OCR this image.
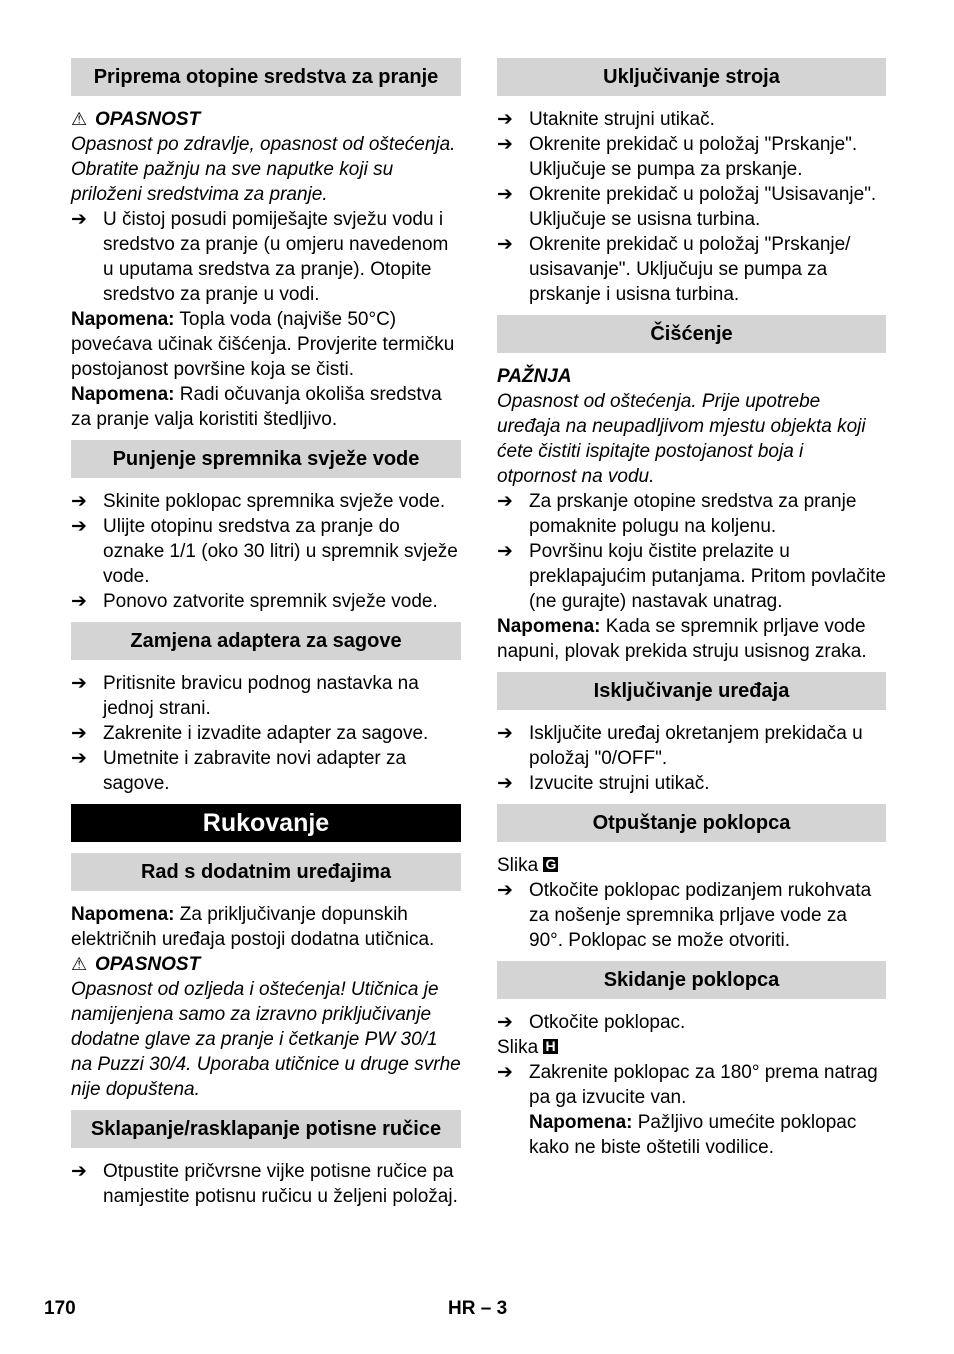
Priprema otopine sredstva za pranje
⚠ OPASNOST
Opasnost po zdravlje, opasnost od oštećenja. Obratite pažnju na sve naputke koji su priloženi sredstvima za pranje.
➔ U čistoj posudi pomiješajte svježu vodu i sredstvo za pranje (u omjeru navedenom u uputama sredstva za pranje). Otopite sredstvo za pranje u vodi.
Napomena: Topla voda (najviše 50°C) povećava učinak čišćenja. Provjerite termičku postojanost površine koja se čisti.
Napomena: Radi očuvanja okoliša sredstva za pranje valja koristiti štedljivo.
Punjenje spremnika svježe vode
➔ Skinite poklopac spremnika svježe vode.
➔ Ulijte otopinu sredstva za pranje do oznake 1/1 (oko 30 litri) u spremnik svježe vode.
➔ Ponovo zatvorite spremnik svježe vode.
Zamjena adaptera za sagove
➔ Pritisnite bravicu podnog nastavka na jednoj strani.
➔ Zakrenite i izvadite adapter za sagove.
➔ Umetnite i zabravite novi adapter za sagove.
Rukovanje
Rad s dodatnim uređajima
Napomena: Za priključivanje dopunskih električnih uređaja postoji dodatna utičnica.
⚠ OPASNOST
Opasnost od ozljeda i oštećenja! Utičnica je namijenjena samo za izravno priključivanje dodatne glave za pranje i četkanje PW 30/1 na Puzzi 30/4. Uporaba utičnice u druge svrhe nije dopuštena.
Sklapanje/rasklapanje potisne ručice
➔ Otpustite pričvrsne vijke potisne ručice pa namjestite potisnu ručicu u željeni položaj.
Uključivanje stroja
➔ Utaknite strujni utikač.
➔ Okrenite prekidač u položaj "Prskanje". Uključuje se pumpa za prskanje.
➔ Okrenite prekidač u položaj "Usisavanje". Uključuje se usisna turbina.
➔ Okrenite prekidač u položaj "Prskanje/ usisavanje". Uključuju se pumpa za prskanje i usisna turbina.
Čišćenje
PAŽNJA
Opasnost od oštećenja. Prije upotrebe uređaja na neupadljivom mjestu objekta koji ćete čistiti ispitajte postojanost boja i otpornost na vodu.
➔ Za prskanje otopine sredstva za pranje pomaknite polugu na koljenu.
➔ Površinu koju čistite prelazite u preklapajućim putanjama. Pritom povlačite (ne gurajte) nastavak unatrag.
Napomena: Kada se spremnik prljave vode napuni, plovak prekida struju usisnog zraka.
Isključivanje uređaja
➔ Isključite uređaj okretanjem prekidača u položaj "0/OFF".
➔ Izvucite strujni utikač.
Otpuštanje poklopca
Slika G
➔ Otkočite poklopac podizanjem rukohvata za nošenje spremnika prljave vode za 90°. Poklopac se može otvoriti.
Skidanje poklopca
➔ Otkočite poklopac.
Slika H
➔ Zakrenite poklopac za 180° prema natrag pa ga izvucite van.
Napomena: Pažljivo umećite poklopac kako ne biste oštetili vodilice.
170	HR – 3
